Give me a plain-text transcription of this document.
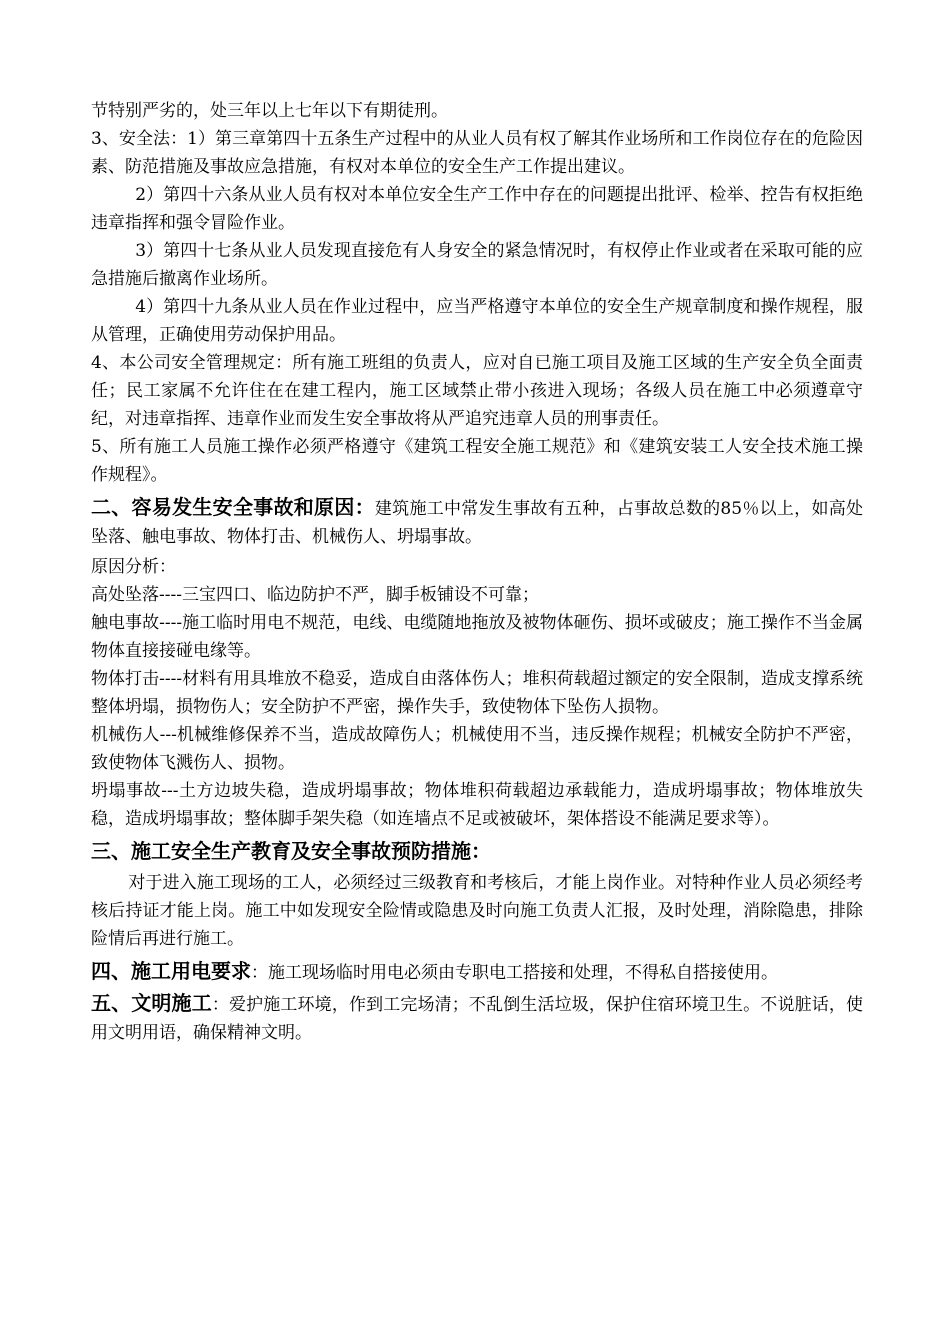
节特别严劣的，处三年以上七年以下有期徒刑。

3、安全法：1）第三章第四十五条生产过程中的从业人员有权了解其作业场所和工作岗位存在的危险因素、防范措施及事故应急措施，有权对本单位的安全生产工作提出建议。

2）第四十六条从业人员有权对本单位安全生产工作中存在的问题提出批评、检举、控告有权拒绝违章指挥和强令冒险作业。

3）第四十七条从业人员发现直接危有人身安全的紧急情况时，有权停止作业或者在采取可能的应急措施后撤离作业场所。

4）第四十九条从业人员在作业过程中，应当严格遵守本单位的安全生产规章制度和操作规程，服从管理，正确使用劳动保护用品。

4、本公司安全管理规定：所有施工班组的负责人，应对自已施工项目及施工区域的生产安全负全面责任；民工家属不允许住在在建工程内，施工区域禁止带小孩进入现场；各级人员在施工中必须遵章守纪，对违章指挥、违章作业而发生安全事故将从严追究违章人员的刑事责任。

5、所有施工人员施工操作必须严格遵守《建筑工程安全施工规范》和《建筑安装工人安全技术施工操作规程》。

二、容易发生安全事故和原因：建筑施工中常发生事故有五种，占事故总数的85％以上，如高处坠落、触电事故、物体打击、机械伤人、坍塌事故。

原因分析：

高处坠落----三宝四口、临边防护不严，脚手板铺设不可靠；

触电事故----施工临时用电不规范，电线、电缆随地拖放及被物体砸伤、损坏或破皮；施工操作不当金属物体直接接碰电缘等。

物体打击----材料有用具堆放不稳妥，造成自由落体伤人；堆积荷载超过额定的安全限制，造成支撑系统整体坍塌，损物伤人；安全防护不严密，操作失手，致使物体下坠伤人损物。

机械伤人---机械维修保养不当，造成故障伤人；机械使用不当，违反操作规程；机械安全防护不严密，致使物体飞溅伤人、损物。

坍塌事故---土方边坡失稳，造成坍塌事故；物体堆积荷载超边承载能力，造成坍塌事故；物体堆放失稳，造成坍塌事故；整体脚手架失稳（如连墙点不足或被破坏，架体搭设不能满足要求等）。

三、施工安全生产教育及安全事故预防措施：

对于进入施工现场的工人，必须经过三级教育和考核后，才能上岗作业。对特种作业人员必须经考核后持证才能上岗。施工中如发现安全险情或隐患及时向施工负责人汇报，及时处理，消除隐患，排除险情后再进行施工。

四、施工用电要求：施工现场临时用电必须由专职电工搭接和处理，不得私自搭接使用。

五、文明施工：爱护施工环境，作到工完场清；不乱倒生活垃圾，保护住宿环境卫生。不说脏话，使用文明用语，确保精神文明。
